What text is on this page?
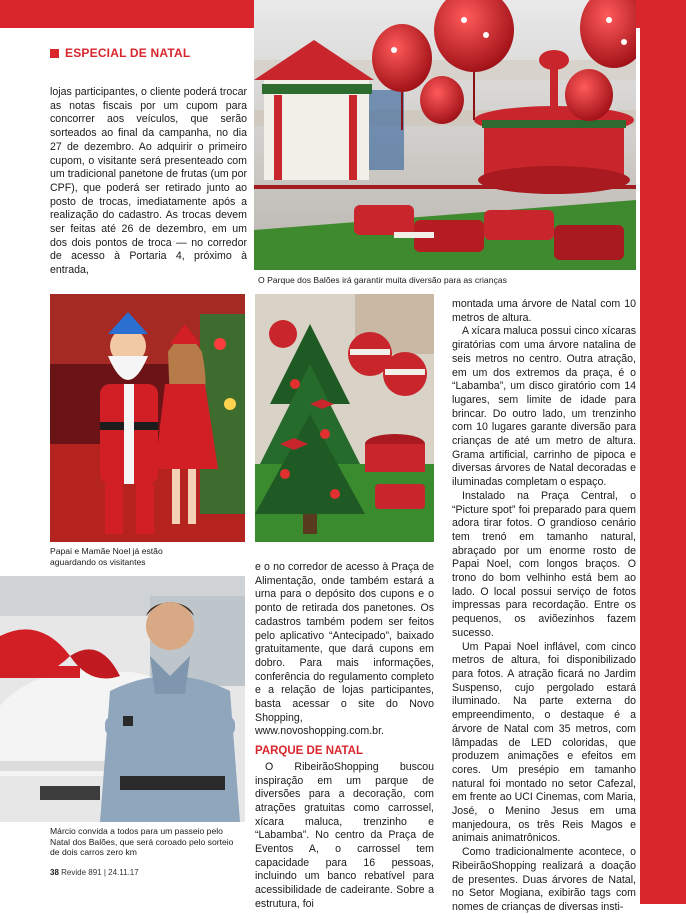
ESPECIAL DE NATAL

lojas participantes, o cliente poderá trocar as notas fiscais por um cupom para concorrer aos veículos, que serão sorteados ao final da campanha, no dia 27 de dezembro. Ao adquirir o primeiro cupom, o visitante será presenteado com um tradicional panetone de frutas (um por CPF), que poderá ser retirado junto ao posto de trocas, imediatamente após a realização do cadastro. As trocas devem ser feitas até 26 de dezembro, em um dos dois pontos de troca — no corredor de acesso à Portaria 4, próximo à entrada,

O Parque dos Balões irá garantir muita diversão para as crianças
Papai e Mamãe Noel já estão aguardando os visitantes
Márcio convida a todos para um passeio pelo Natal dos Balões, que será coroado pelo sorteio de dois carros zero km

e o no corredor de acesso à Praça de Alimentação, onde também estará a urna para o depósito dos cupons e o ponto de retirada dos panetones. Os cadastros também podem ser feitos pelo aplicativo “Antecipado”, baixado gratuitamente, que dará cupons em dobro. Para mais informações, conferência do regulamento completo e a relação de lojas participantes, basta acessar o site do Novo Shopping, www.novoshopping.com.br.

PARQUE DE NATAL

O RibeirãoShopping buscou inspiração em um parque de diversões para a decoração, com atrações gratuitas como carrossel, xícara maluca, trenzinho e “Labamba”. No centro da Praça de Eventos A, o carrossel tem capacidade para 16 pessoas, incluindo um banco rebatível para acessibilidade de cadeirante. Sobre a estrutura, foi

montada uma árvore de Natal com 10 metros de altura.

A xícara maluca possui cinco xícaras giratórias com uma árvore natalina de seis metros no centro. Outra atração, em um dos extremos da praça, é o “Labamba”, um disco giratório com 14 lugares, sem limite de idade para brincar. Do outro lado, um trenzinho com 10 lugares garante diversão para crianças de até um metro de altura. Grama artificial, carrinho de pipoca e diversas árvores de Natal decoradas e iluminadas completam o espaço.

Instalado na Praça Central, o “Picture spot” foi preparado para quem adora tirar fotos. O grandioso cenário tem trenó em tamanho natural, abraçado por um enorme rosto de Papai Noel, com longos braços. O trono do bom velhinho está bem ao lado. O local possui serviço de fotos impressas para recordação. Entre os pequenos, os aviõezinhos fazem sucesso.

Um Papai Noel inflável, com cinco metros de altura, foi disponibilizado para fotos. A atração ficará no Jardim Suspenso, cujo pergolado estará iluminado. Na parte externa do empreendimento, o destaque é a árvore de Natal com 35 metros, com lâmpadas de LED coloridas, que produzem animações e efeitos em cores. Um presépio em tamanho natural foi montado no setor Cafezal, em frente ao UCI Cinemas, com Maria, José, o Menino Jesus em uma manjedoura, os três Reis Magos e animais animatrônicos.

Como tradicionalmente acontece, o RibeirãoShopping realizará a doação de presentes. Duas árvores de Natal, no Setor Mogiana, exibirão tags com nomes de crianças de diversas insti-

38 Revide 891 | 24.11.17
